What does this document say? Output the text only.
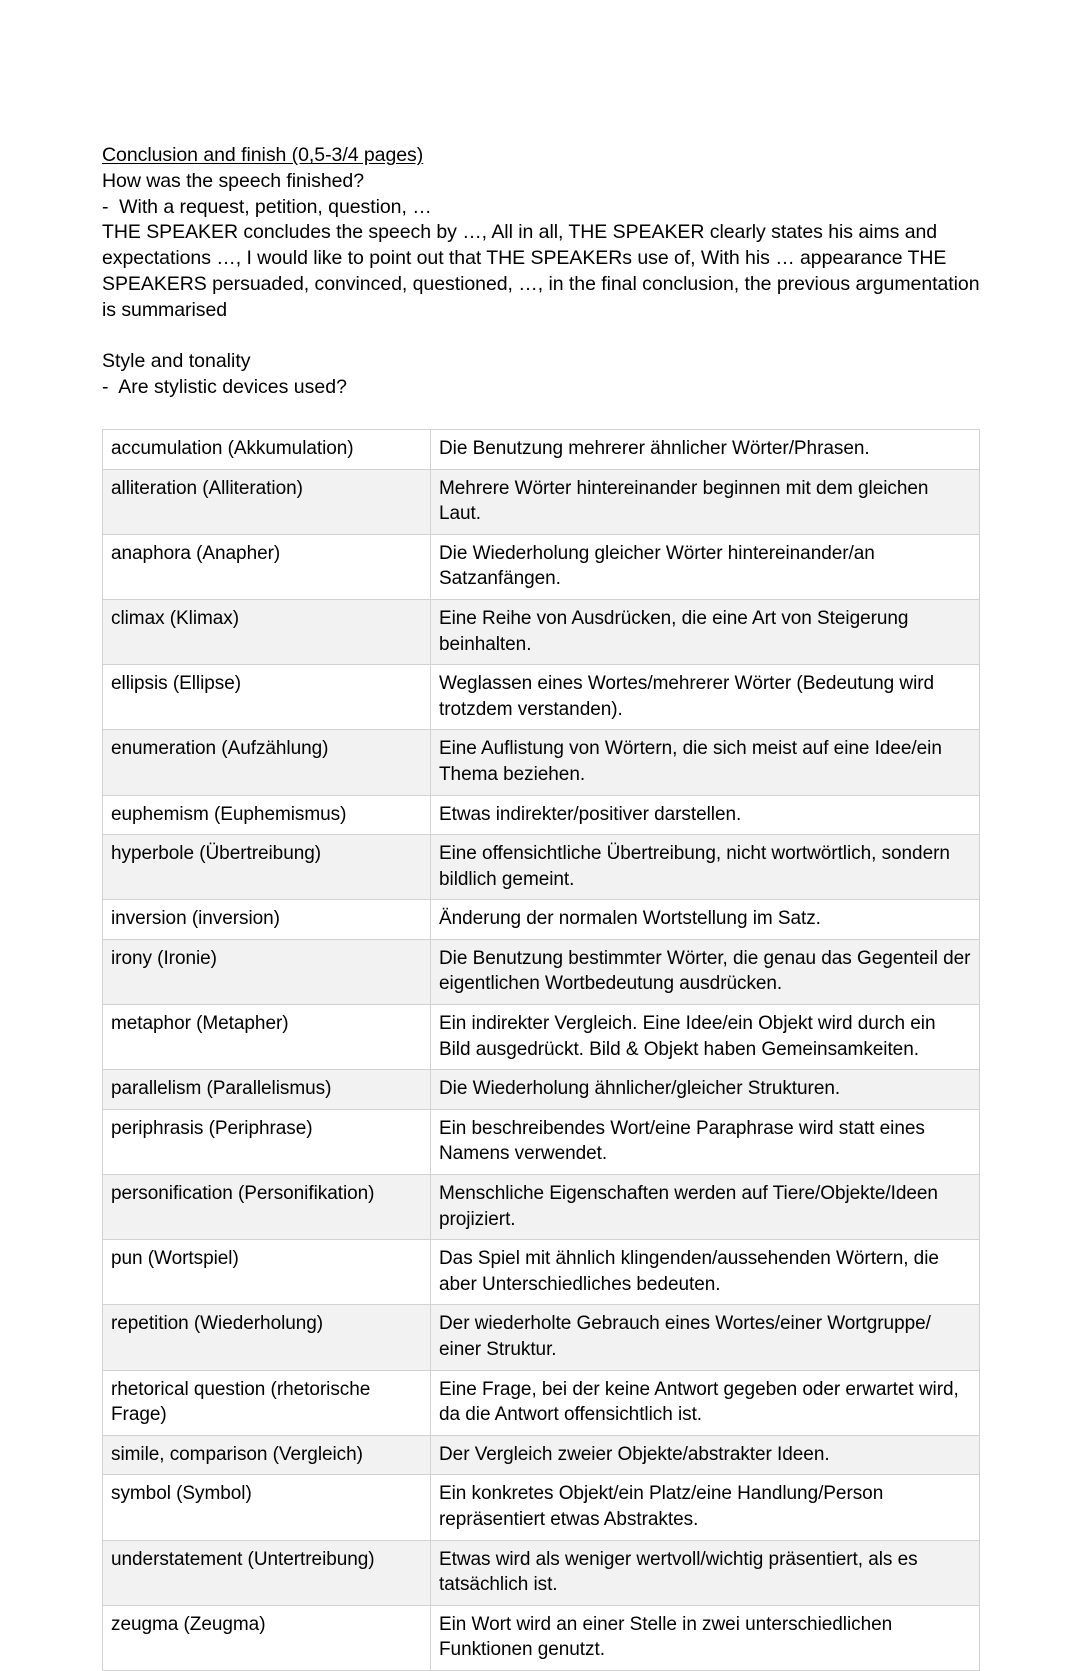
Conclusion and finish (0,5-3/4 pages)
How was the speech finished?
-  With a request, petition, question, …

THE SPEAKER concludes the speech by …, All in all, THE SPEAKER clearly states his aims and expectations …, I would like to point out that THE SPEAKERs use of, With his … appearance THE SPEAKERS persuaded, convinced, questioned, …, in the final conclusion, the previous argumentation is summarised

Style and tonality
-  Are stylistic devices used?
accumulation (Akkumulation)	Die Benutzung mehrerer ähnlicher Wörter/Phrasen.
alliteration (Alliteration)	Mehrere Wörter hintereinander beginnen mit dem gleichen Laut.
anaphora (Anapher)	Die Wiederholung gleicher Wörter hintereinander/an Satzanfängen.
climax (Klimax)	Eine Reihe von Ausdrücken, die eine Art von Steigerung beinhalten.
ellipsis (Ellipse)	Weglassen eines Wortes/mehrerer Wörter (Bedeutung wird trotzdem verstanden).
enumeration (Aufzählung)	Eine Auflistung von Wörtern, die sich meist auf eine Idee/ein Thema beziehen.
euphemism (Euphemismus)	Etwas indirekter/positiver darstellen.
hyperbole (Übertreibung)	Eine offensichtliche Übertreibung, nicht wortwörtlich, sondern bildlich gemeint.
inversion (inversion)	Änderung der normalen Wortstellung im Satz.
irony (Ironie)	Die Benutzung bestimmter Wörter, die genau das Gegenteil der eigentlichen Wortbedeutung ausdrücken.
metaphor (Metapher)	Ein indirekter Vergleich. Eine Idee/ein Objekt wird durch ein Bild ausgedrückt. Bild & Objekt haben Gemeinsamkeiten.
parallelism (Parallelismus)	Die Wiederholung ähnlicher/gleicher Strukturen.
periphrasis (Periphrase)	Ein beschreibendes Wort/eine Paraphrase wird statt eines Namens verwendet.
personification (Personifikation)	Menschliche Eigenschaften werden auf Tiere/Objekte/Ideen projiziert.
pun (Wortspiel)	Das Spiel mit ähnlich klingenden/aussehenden Wörtern, die aber Unterschiedliches bedeuten.
repetition (Wiederholung)	Der wiederholte Gebrauch eines Wortes/einer Wortgruppe/ einer Struktur.
rhetorical question (rhetorische Frage)	Eine Frage, bei der keine Antwort gegeben oder erwartet wird, da die Antwort offensichtlich ist.
simile, comparison (Vergleich)	Der Vergleich zweier Objekte/abstrakter Ideen.
symbol (Symbol)	Ein konkretes Objekt/ein Platz/eine Handlung/Person repräsentiert etwas Abstraktes.
understatement (Untertreibung)	Etwas wird als weniger wertvoll/wichtig präsentiert, als es tatsächlich ist.
zeugma (Zeugma)	Ein Wort wird an einer Stelle in zwei unterschiedlichen Funktionen genutzt.
